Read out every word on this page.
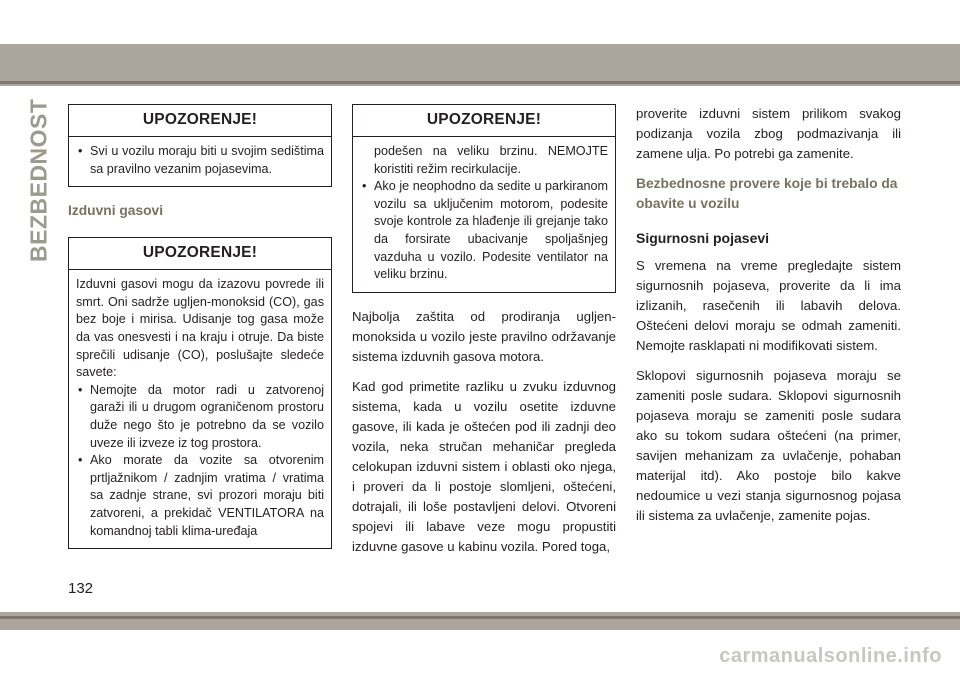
BEZBEDNOST	UPOZORENJE!
• Svi u vozilu moraju biti u svojim sedištima sa pravilno vezanim pojasevima.
Izduvni gasovi
UPOZORENJE!
Izduvni gasovi mogu da izazovu povrede ili smrt. Oni sadrže ugljen-monoksid (CO), gas bez boje i mirisa. Udisanje tog gasa može da vas onesvesti i na kraju i otruje. Da biste sprečili udisanje (CO), poslušajte sledeće savete:
• Nemojte da motor radi u zatvorenoj garaži ili u drugom ograničenom prostoru duže nego što je potrebno da se vozilo uveze ili izveze iz tog prostora.
• Ako morate da vozite sa otvorenim prtljažnikom / zadnjim vratima / vratima sa zadnje strane, svi prozori moraju biti zatvoreni, a prekidač VENTILATORA na komandnoj tabli klima-uređaja
UPOZORENJE!
podešen na veliku brzinu. NEMOJTE koristiti režim recirkulacije.
• Ako je neophodno da sedite u parkiranom vozilu sa uključenim motorom, podesite svoje kontrole za hlađenje ili grejanje tako da forsirate ubacivanje spoljašnjeg vazduha u vozilo. Podesite ventilator na veliku brzinu.

Najbolja zaštita od prodiranja ugljen-monoksida u vozilo jeste pravilno održavanje sistema izduvnih gasova motora.

Kad god primetite razliku u zvuku izduvnog sistema, kada u vozilu osetite izduvne gasove, ili kada je oštećen pod ili zadnji deo vozila, neka stručan mehaničar pregleda celokupan izduvni sistem i oblasti oko njega, i proveri da li postoje slomljeni, oštećeni, dotrajali, ili loše postavljeni delovi. Otvoreni spojevi ili labave veze mogu propustiti izduvne gasove u kabinu vozila. Pored toga,

proverite izduvni sistem prilikom svakog podizanja vozila zbog podmazivanja ili zamene ulja. Po potrebi ga zamenite.

Bezbednosne provere koje bi trebalo da obavite u vozilu
Sigurnosni pojasevi

S vremena na vreme pregledajte sistem sigurnosnih pojaseva, proverite da li ima izlizanih, rasečenih ili labavih delova. Oštećeni delovi moraju se odmah zameniti. Nemojte rasklapati ni modifikovati sistem.

Sklopovi sigurnosnih pojaseva moraju se zameniti posle sudara. Sklopovi sigurnosnih pojaseva moraju se zameniti posle sudara ako su tokom sudara oštećeni (na primer, savijen mehanizam za uvlačenje, pohaban materijal itd). Ako postoje bilo kakve nedoumice u vezi stanja sigurnosnog pojasa ili sistema za uvlačenje, zamenite pojas.

132
carmanualsonline.info
